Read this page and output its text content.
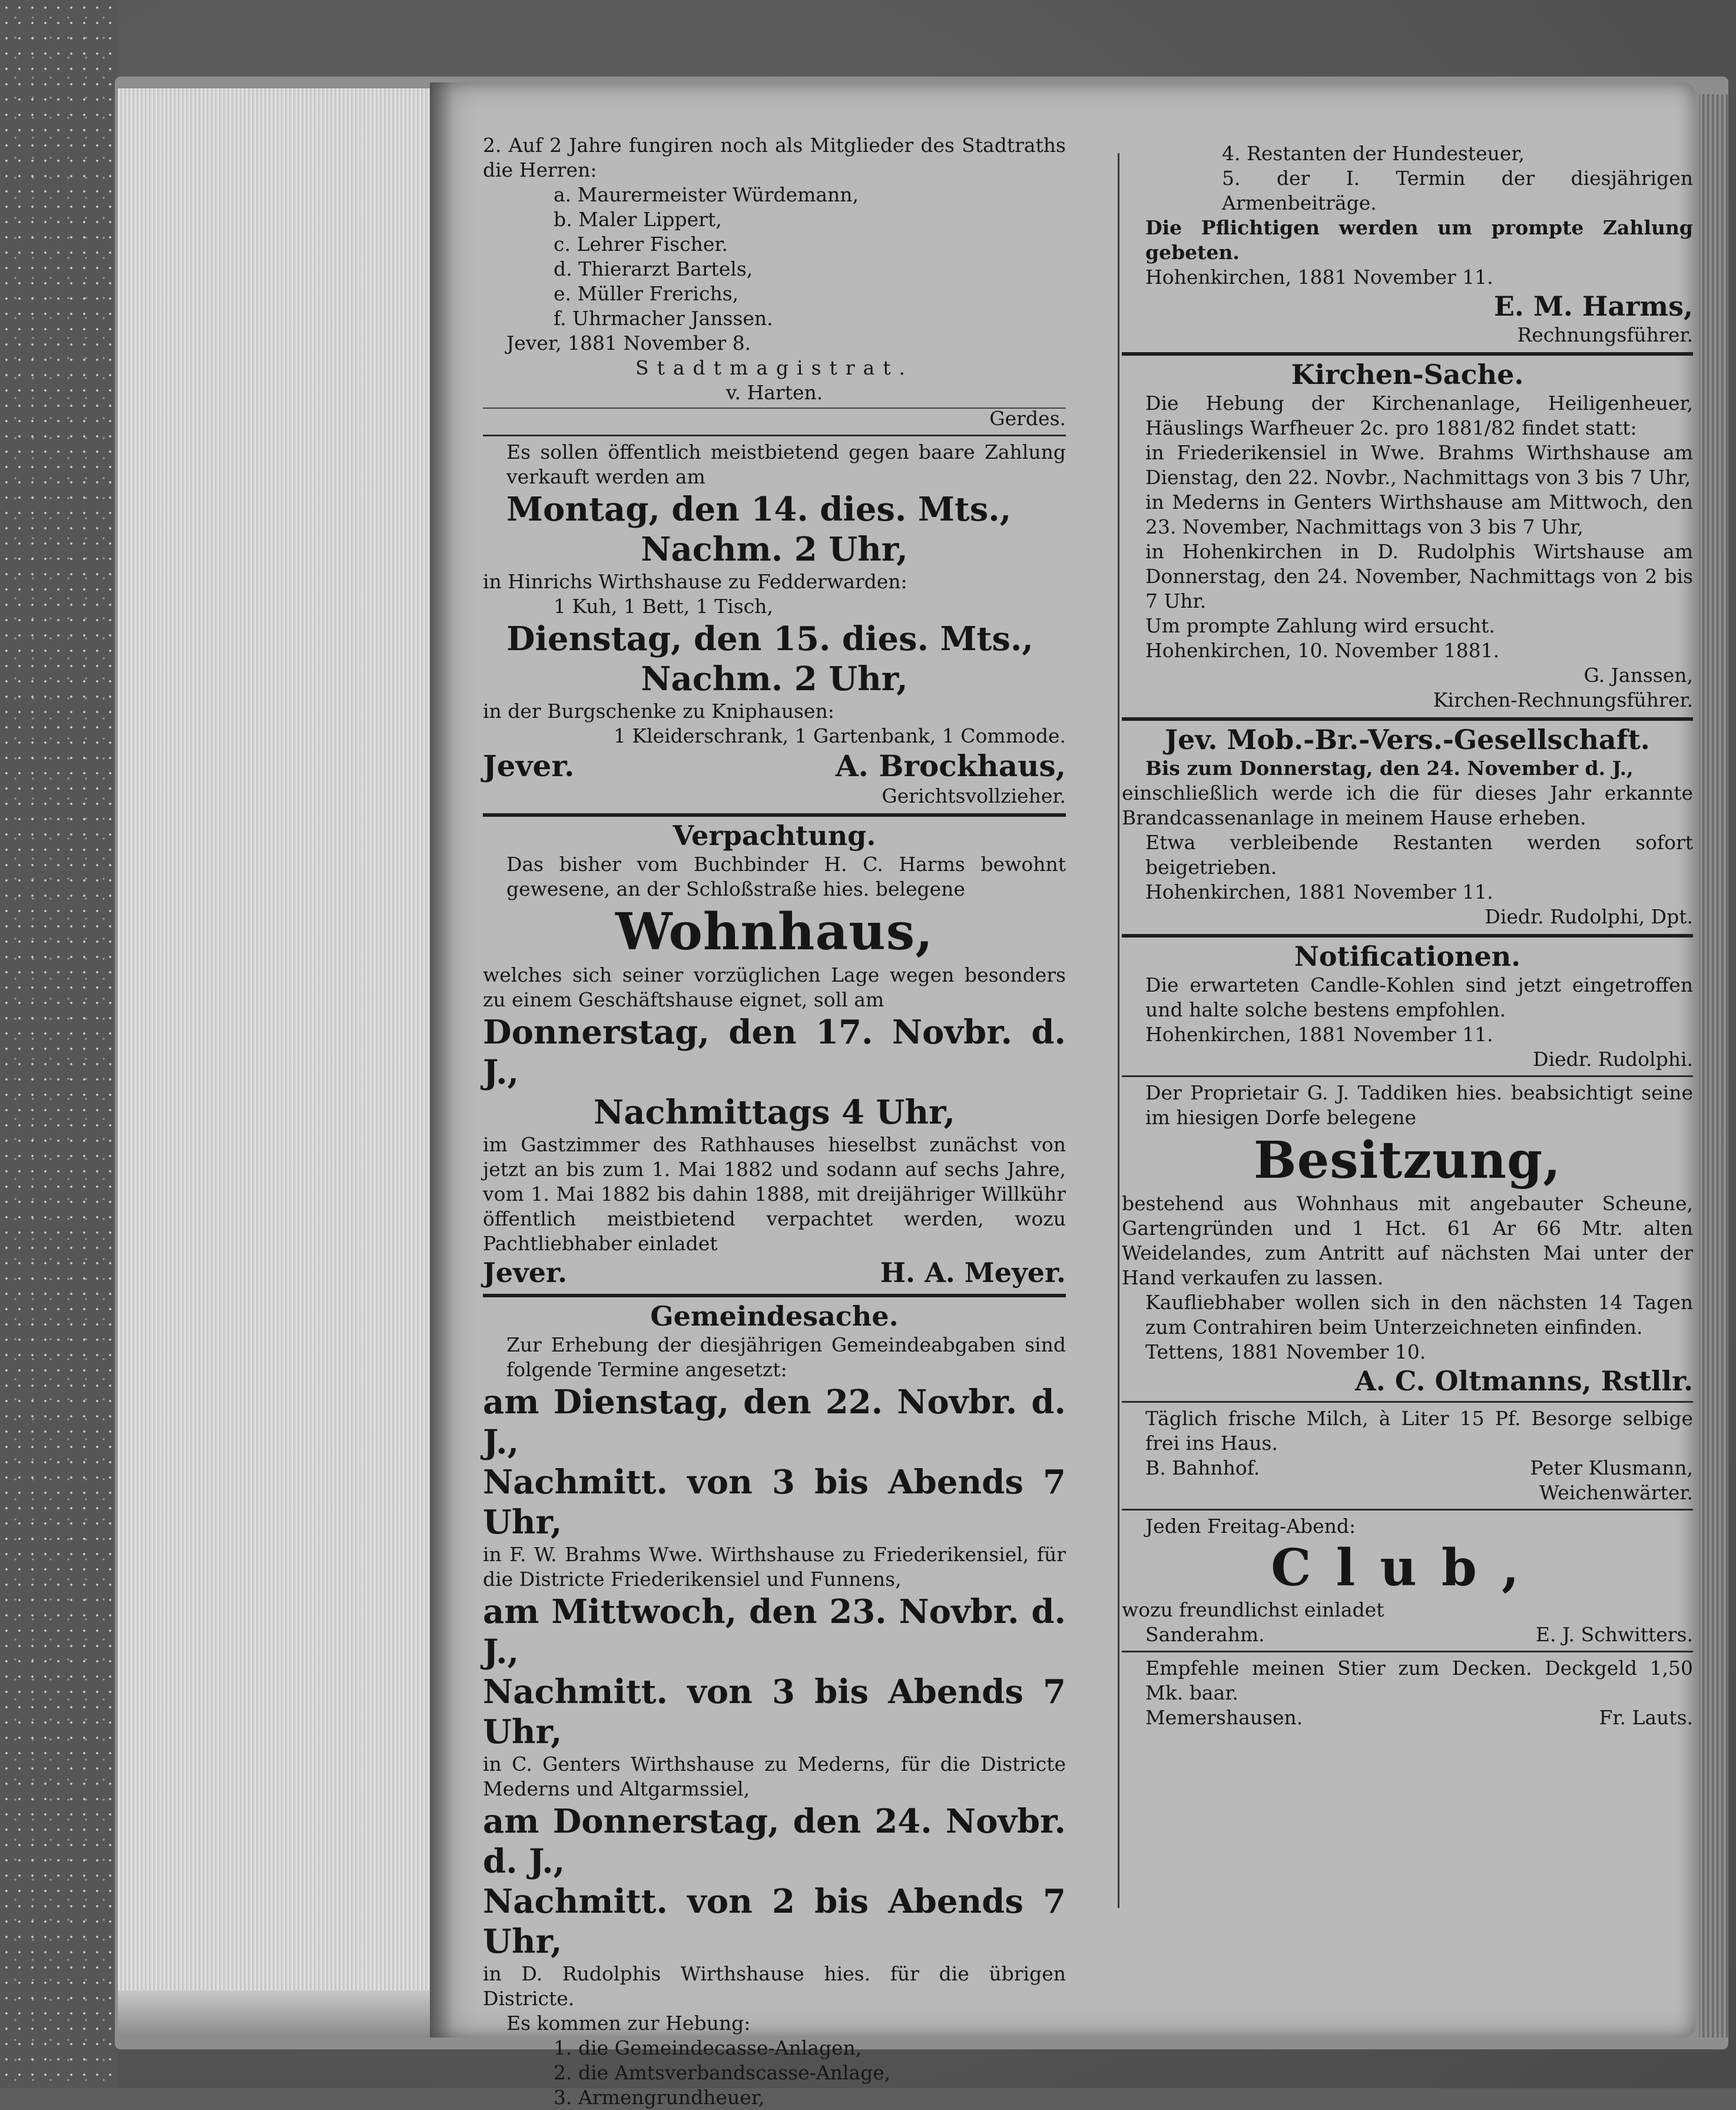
2. Auf 2 Jahre fungiren noch als Mitglieder des Stadtraths die Herren:

a. Maurermeister Würdemann,

b. Maler Lippert,

c. Lehrer Fischer.

d. Thierarzt Bartels,

e. Müller Frerichs,

f. Uhrmacher Janssen.

Jever, 1881 November 8.

Stadtmagistrat.

v. Harten.

Gerdes.

Es sollen öffentlich meistbietend gegen baare Zahlung verkauft werden am

Montag, den 14. dies. Mts.,

Nachm. 2 Uhr,

in Hinrichs Wirthshause zu Fedderwarden:

1 Kuh, 1 Bett, 1 Tisch,

Dienstag, den 15. dies. Mts.,

Nachm. 2 Uhr,

in der Burgschenke zu Kniphausen:

1 Kleiderschrank, 1 Gartenbank, 1 Commode.

Jever.	A. Brockhaus,

Gerichtsvollzieher.

Verpachtung.

Das bisher vom Buchbinder H. C. Harms bewohnt gewesene, an der Schloßstraße hies. belegene

Wohnhaus,

welches sich seiner vorzüglichen Lage wegen besonders zu einem Geschäftshause eignet, soll am

Donnerstag, den 17. Novbr. d. J.,

Nachmittags 4 Uhr,

im Gastzimmer des Rathhauses hieselbst zunächst von jetzt an bis zum 1. Mai 1882 und sodann auf sechs Jahre, vom 1. Mai 1882 bis dahin 1888, mit dreijähriger Willkühr öffentlich meistbietend verpachtet werden, wozu Pachtliebhaber einladet

Jever.	H. A. Meyer.

Gemeindesache.

Zur Erhebung der diesjährigen Gemeindeabgaben sind folgende Termine angesetzt:

am Dienstag, den 22. Novbr. d. J.,

Nachmitt. von 3 bis Abends 7 Uhr,

in F. W. Brahms Wwe. Wirthshause zu Friederikensiel, für die Districte Friederikensiel und Funnens,

am Mittwoch, den 23. Novbr. d. J.,

Nachmitt. von 3 bis Abends 7 Uhr,

in C. Genters Wirthshause zu Mederns, für die Districte Mederns und Altgarmssiel,

am Donnerstag, den 24. Novbr. d. J.,

Nachmitt. von 2 bis Abends 7 Uhr,

in D. Rudolphis Wirthshause hies. für die übrigen Districte.

Es kommen zur Hebung:

1. die Gemeindecasse-Anlagen,

2. die Amtsverbandscasse-Anlage,

3. Armengrundheuer,

4. Restanten der Hundesteuer,

5. der I. Termin der diesjährigen Armenbeiträge.

Die Pflichtigen werden um prompte Zahlung gebeten.

Hohenkirchen, 1881 November 11.

E. M. Harms,

Rechnungsführer.

Kirchen-Sache.

Die Hebung der Kirchenanlage, Heiligenheuer, Häuslings Warfheuer 2c. pro 1881/82 findet statt:

in Friederikensiel in Wwe. Brahms Wirthshause am Dienstag, den 22. Novbr., Nachmittags von 3 bis 7 Uhr,

in Mederns in Genters Wirthshause am Mittwoch, den 23. November, Nachmittags von 3 bis 7 Uhr,

in Hohenkirchen in D. Rudolphis Wirtshause am Donnerstag, den 24. November, Nachmittags von 2 bis 7 Uhr.

Um prompte Zahlung wird ersucht.

Hohenkirchen, 10. November 1881.

G. Janssen,

Kirchen-Rechnungsführer.

Jev. Mob.-Br.-Vers.-Gesellschaft.

Bis zum Donnerstag, den 24. November d. J.,

einschließlich werde ich die für dieses Jahr erkannte Brandcassenanlage in meinem Hause erheben.

Etwa verbleibende Restanten werden sofort beigetrieben.

Hohenkirchen, 1881 November 11.

Diedr. Rudolphi, Dpt.

Notificationen.

Die erwarteten Candle-Kohlen sind jetzt eingetroffen und halte solche bestens empfohlen.

Hohenkirchen, 1881 November 11.

Diedr. Rudolphi.

Der Proprietair G. J. Taddiken hies. beabsichtigt seine im hiesigen Dorfe belegene

Besitzung,

bestehend aus Wohnhaus mit angebauter Scheune, Gartengründen und 1 Hct. 61 Ar 66 Mtr. alten Weidelandes, zum Antritt auf nächsten Mai unter der Hand verkaufen zu lassen.

Kaufliebhaber wollen sich in den nächsten 14 Tagen zum Contrahiren beim Unterzeichneten einfinden.

Tettens, 1881 November 10.

A. C. Oltmanns, Rstllr.

Täglich frische Milch, à Liter 15 Pf. Besorge selbige frei ins Haus.

B. Bahnhof.	Peter Klusmann,

Weichenwärter.

Jeden Freitag-Abend:

Club,

wozu freundlichst einladet

Sanderahm.	E. J. Schwitters.

Empfehle meinen Stier zum Decken. Deckgeld 1,50 Mk. baar.

Memershausen.	Fr. Lauts.
